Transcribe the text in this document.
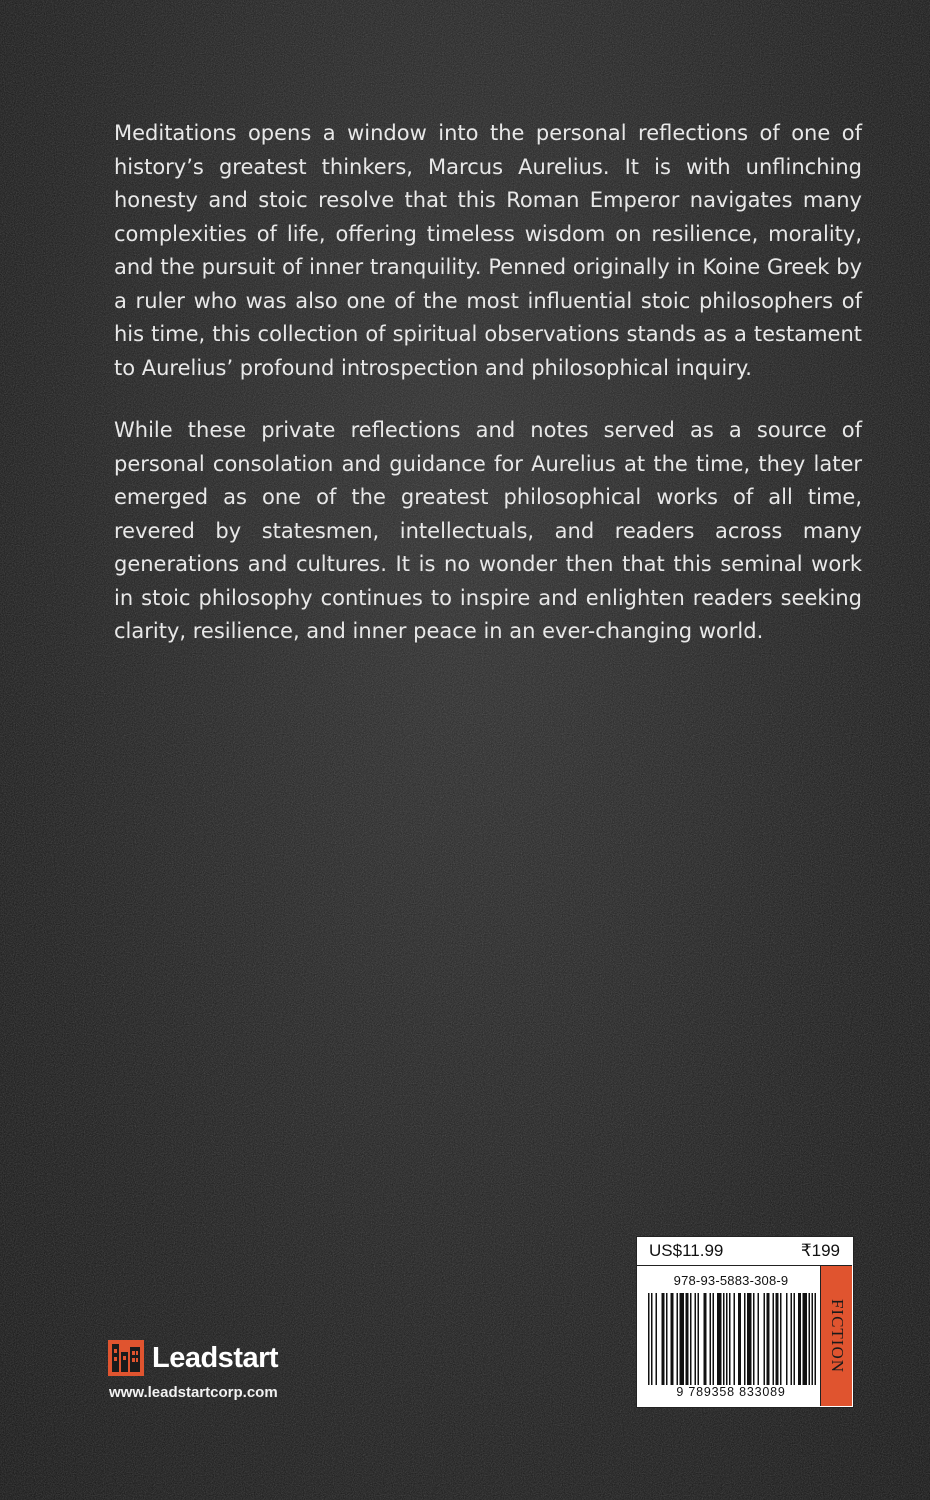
Meditations opens a window into the personal reflections of one of history’s greatest thinkers, Marcus Aurelius. It is with unflinching honesty and stoic resolve that this Roman Emperor navigates many complexities of life, offering timeless wisdom on resilience, morality, and the pursuit of inner tranquility. Penned originally in Koine Greek by a ruler who was also one of the most influential stoic philosophers of his time, this collection of spiritual observations stands as a testament to Aurelius’ profound introspection and philosophical inquiry.

While these private reflections and notes served as a source of personal consolation and guidance for Aurelius at the time, they later emerged as one of the greatest philosophical works of all time, revered by statesmen, intellectuals, and readers across many generations and cultures. It is no wonder then that this seminal work in stoic philosophy continues to inspire and enlighten readers seeking clarity, resilience, and inner peace in an ever-changing world.

Leadstart
www.leadstartcorp.com
US$11.99	₹199
978-93-5883-308-9
9 789358 833089
FICTION
